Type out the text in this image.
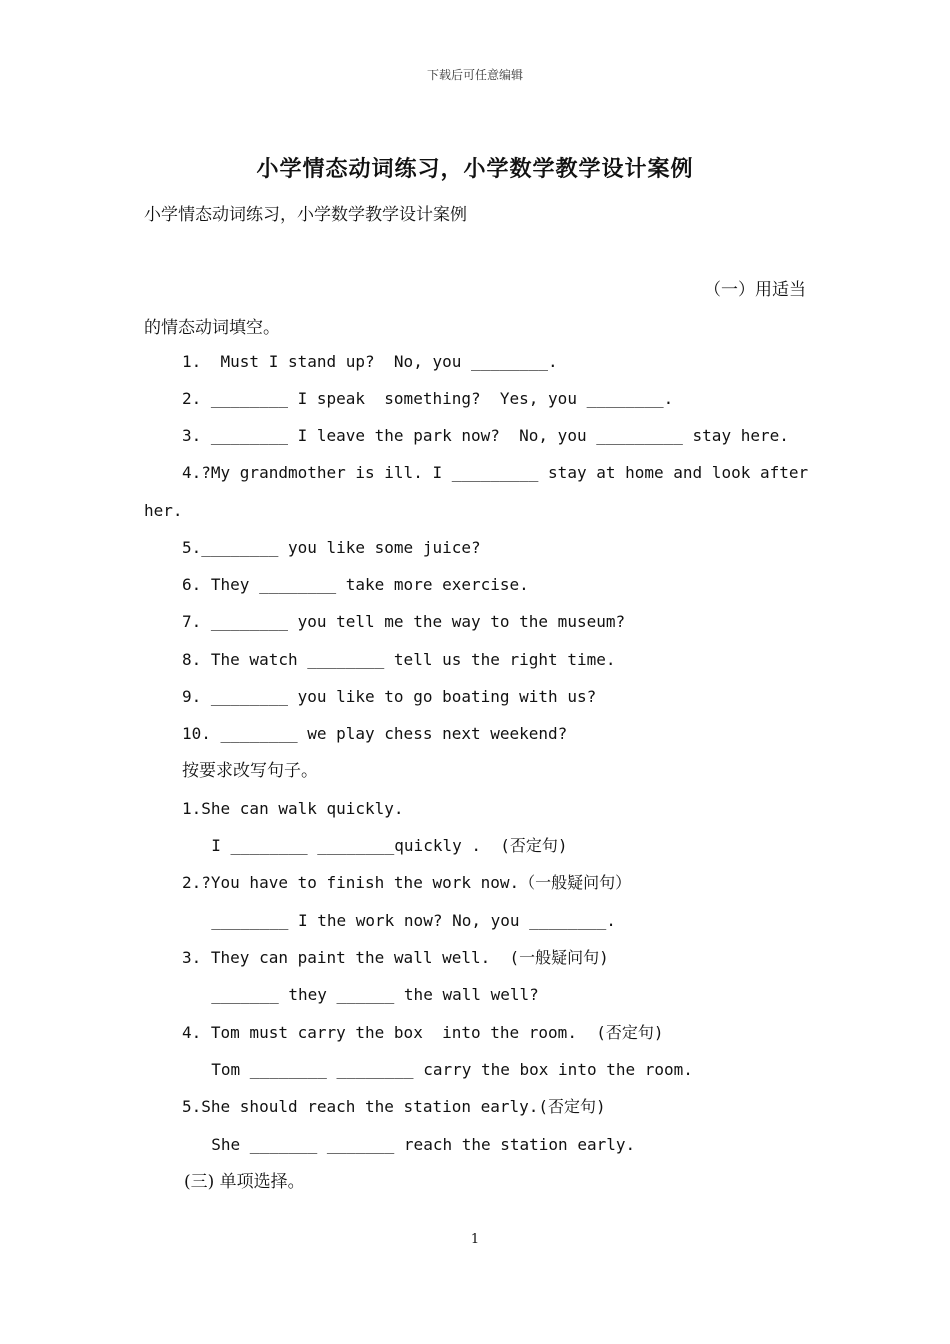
下载后可任意编辑
小学情态动词练习，小学数学教学设计案例
小学情态动词练习，小学数学教学设计案例
（一）用适当
的情态动词填空。
1.  Must I stand up?  No, you ________.
2. ________ I speak  something?  Yes, you ________.
3. ________ I leave the park now?  No, you _________ stay here.
4.?My grandmother is ill. I _________ stay at home and look after
her.
5.________ you like some juice?
6. They ________ take more exercise.
7. ________ you tell me the way to the museum?
8. The watch ________ tell us the right time.
9. ________ you like to go boating with us?
10. ________ we play chess next weekend?
按要求改写句子。
1.She can walk quickly.
I ________ ________quickly .  (否定句)
2.?You have to finish the work now.（一般疑问句）
________ I the work now? No, you ________.
3. They can paint the wall well.  (一般疑问句)
_______ they ______ the wall well?
4. Tom must carry the box  into the room.  (否定句)
Tom ________ ________ carry the box into the room.
5.She should reach the station early.(否定句)
She _______ _______ reach the station early.
(三) 单项选择。
1
